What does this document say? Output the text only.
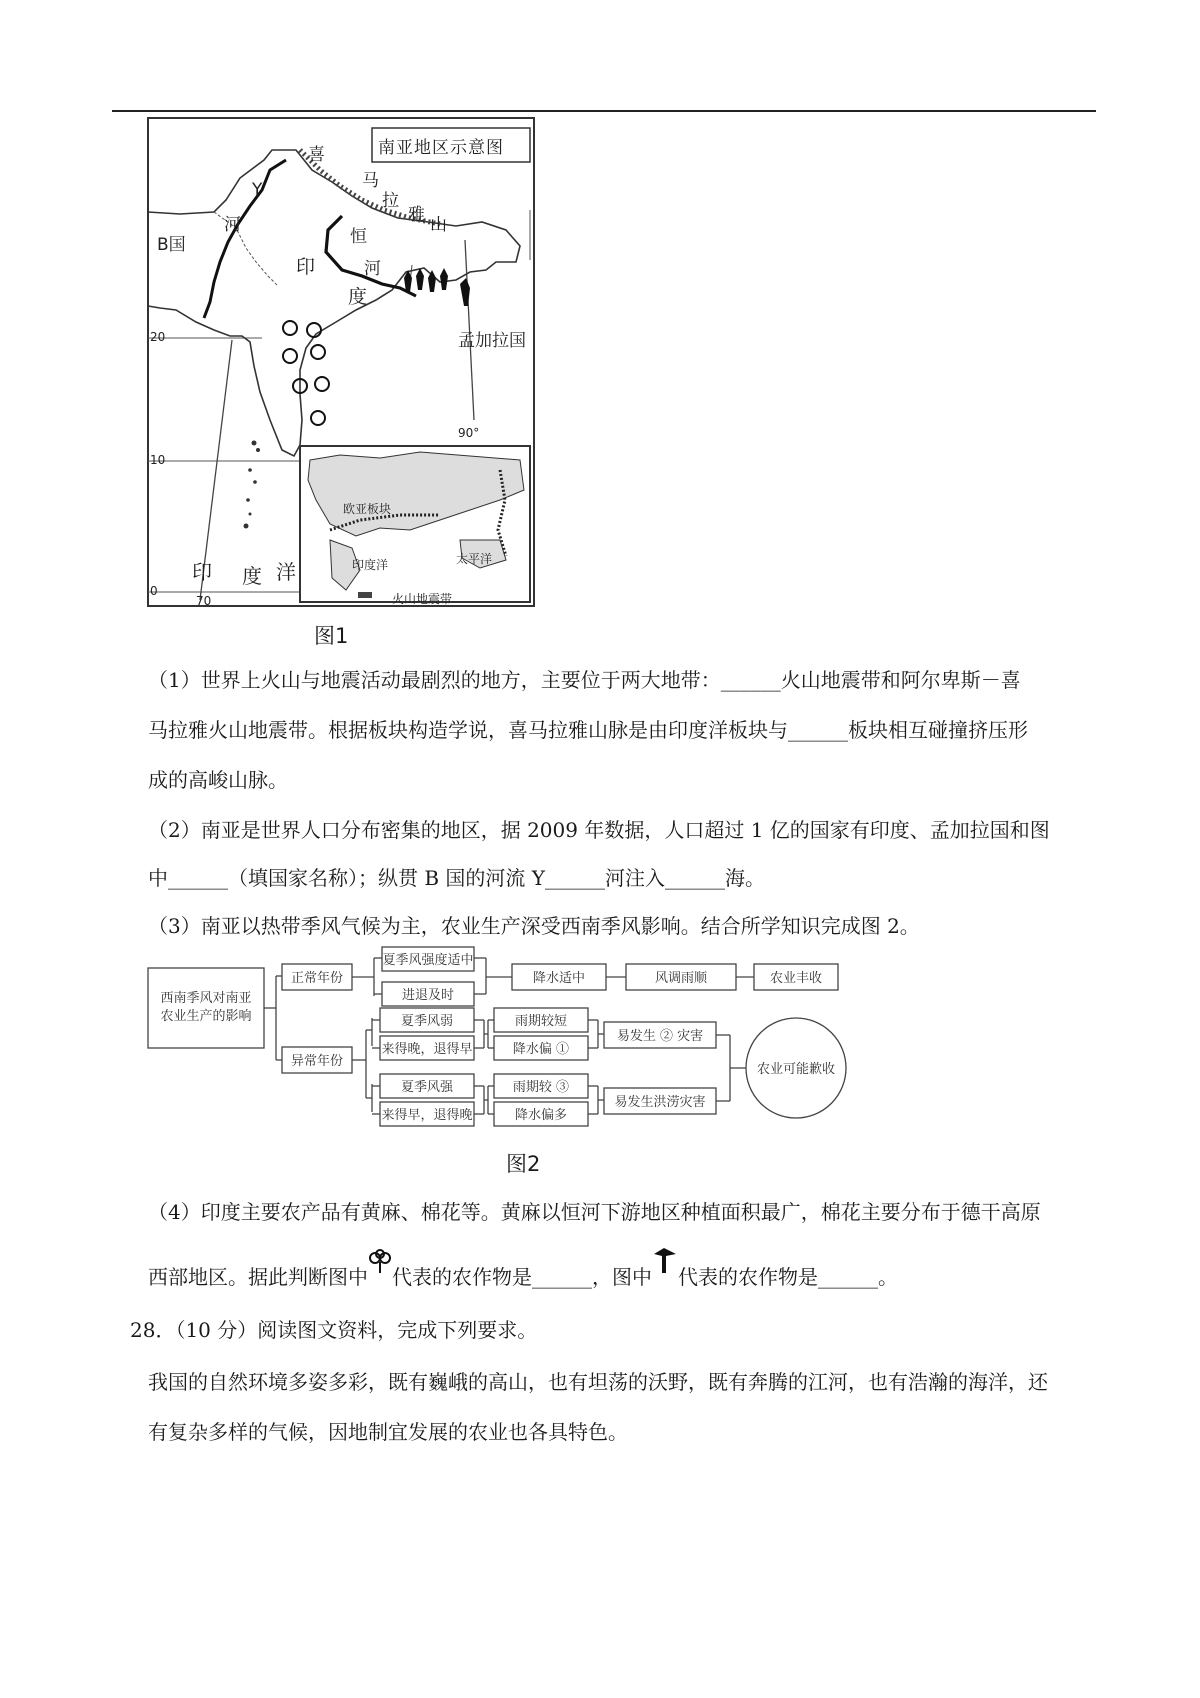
南亚地区示意图
喜
马
拉
雅 山
Y
河
恒
河
B国
印
度
孟加拉国
20
10
0
70
90°
印 度 洋
欧亚板块
印度洋	太平洋
火山地震带
图1
（1）世界上火山与地震活动最剧烈的地方，主要位于两大地带：______火山地震带和阿尔卑斯－喜
马拉雅火山地震带。根据板块构造学说，喜马拉雅山脉是由印度洋板块与______板块相互碰撞挤压形
成的高峻山脉。
（2）南亚是世界人口分布密集的地区，据 2009 年数据，人口超过 1 亿的国家有印度、孟加拉国和图
中______（填国家名称）；纵贯 B 国的河流 Y______河注入______海。
（3）南亚以热带季风气候为主，农业生产深受西南季风影响。结合所学知识完成图 2。
西南季风对南亚
农业生产的影响
正常年份
异常年份
夏季风强度适中
进退及时
降水适中	风调雨顺	农业丰收
夏季风弱
来得晚，退得早
夏季风强
来得早，退得晚
雨期较短
降水偏 ①
雨期较 ③
降水偏多
易发生 ② 灾害
易发生洪涝灾害
农业可能歉收
图2
（4）印度主要农产品有黄麻、棉花等。黄麻以恒河下游地区种植面积最广，棉花主要分布于德干高原
西部地区。据此判断图中 代表的农作物是______，图中 代表的农作物是______。
28．（10 分）阅读图文资料，完成下列要求。
我国的自然环境多姿多彩，既有巍峨的高山，也有坦荡的沃野，既有奔腾的江河，也有浩瀚的海洋，还
有复杂多样的气候，因地制宜发展的农业也各具特色。
